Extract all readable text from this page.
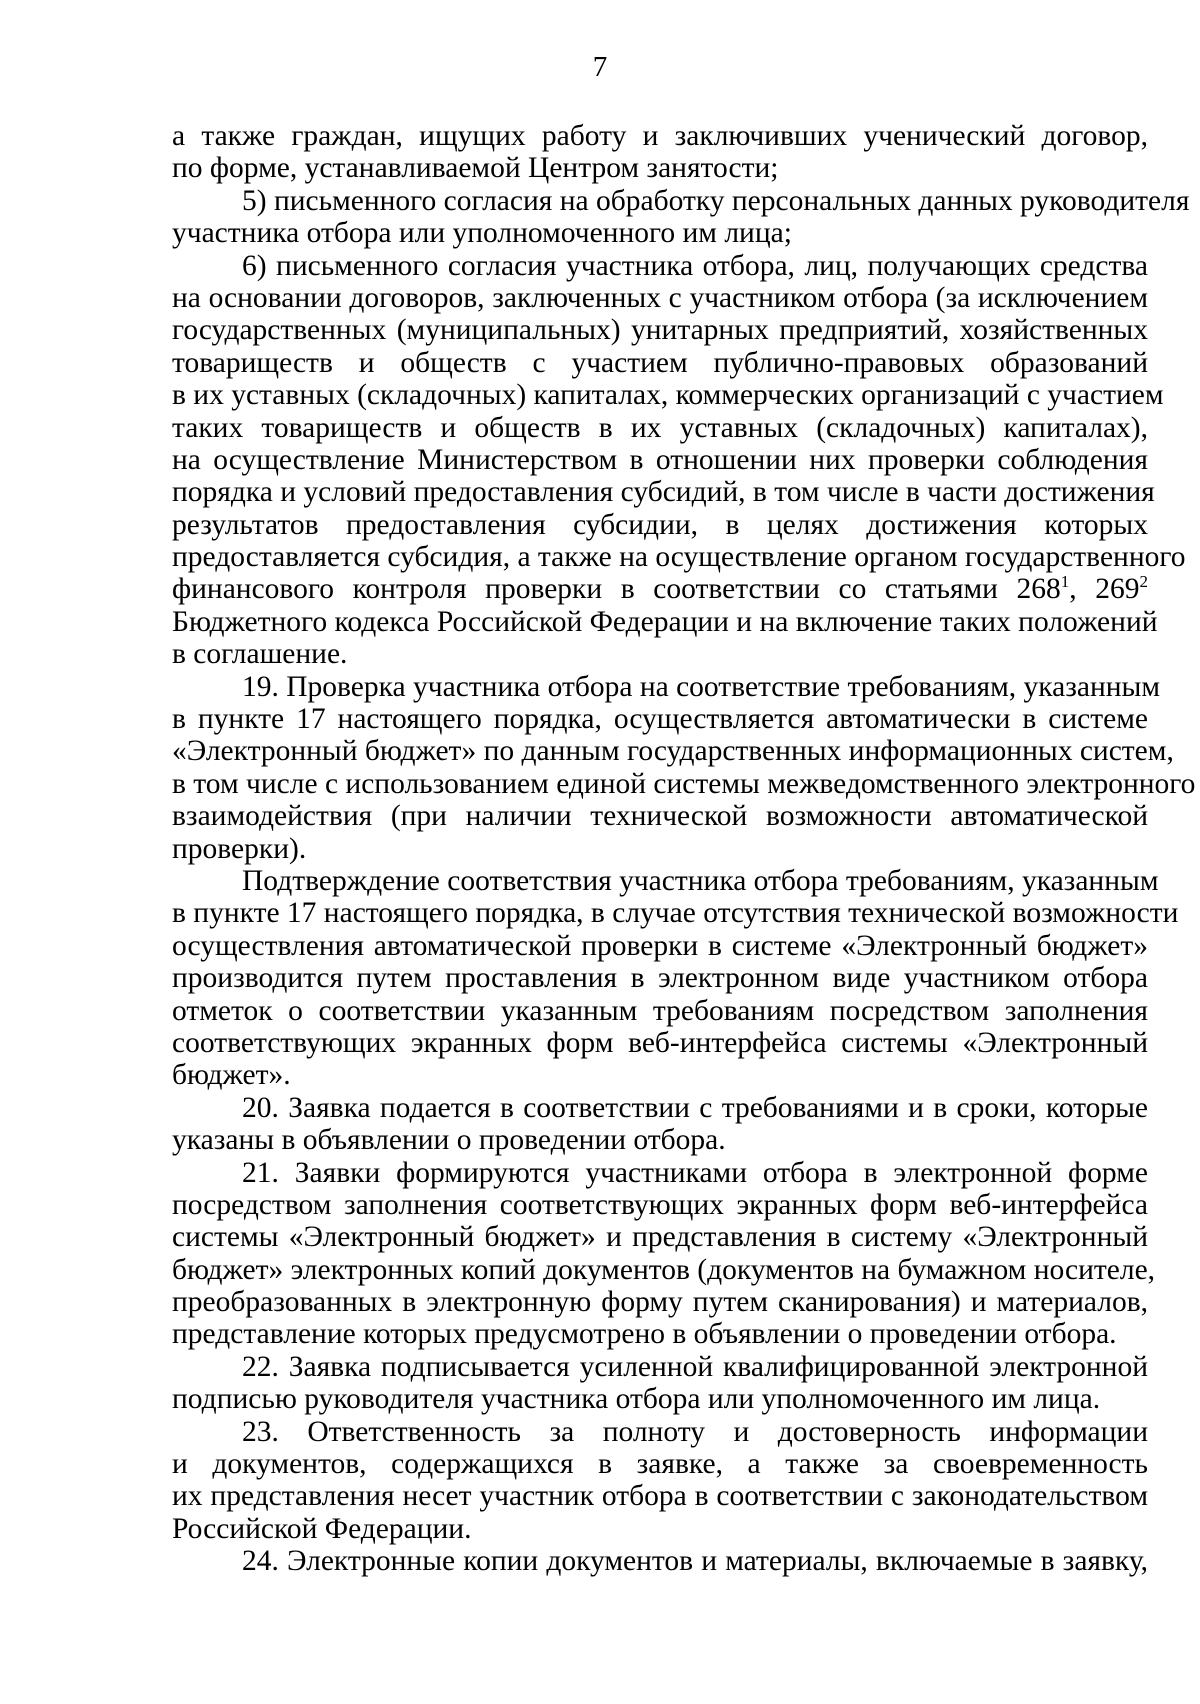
7
а также граждан, ищущих работу и заключивших ученический договор,
по форме, устанавливаемой Центром занятости;
5) письменного согласия на обработку персональных данных руководителя
участника отбора или уполномоченного им лица;
6) письменного согласия участника отбора, лиц, получающих средства
на основании договоров, заключенных с участником отбора (за исключением
государственных (муниципальных) унитарных предприятий, хозяйственных
товариществ и обществ с участием публично-правовых образований
в их уставных (складочных) капиталах, коммерческих организаций с участием
таких товариществ и обществ в их уставных (складочных) капиталах),
на осуществление Министерством в отношении них проверки соблюдения
порядка и условий предоставления субсидий, в том числе в части достижения
результатов предоставления субсидии, в целях достижения которых
предоставляется субсидия, а также на осуществление органом государственного
финансового контроля проверки в соответствии со статьями $268^1$, $269^2$
Бюджетного кодекса Российской Федерации и на включение таких положений
в соглашение.
19. Проверка участника отбора на соответствие требованиям, указанным
в пункте 17 настоящего порядка, осуществляется автоматически в системе
«Электронный бюджет» по данным государственных информационных систем,
в том числе с использованием единой системы межведомственного электронного
взаимодействия (при наличии технической возможности автоматической
проверки).
Подтверждение соответствия участника отбора требованиям, указанным
в пункте 17 настоящего порядка, в случае отсутствия технической возможности
осуществления автоматической проверки в системе «Электронный бюджет»
производится путем проставления в электронном виде участником отбора
отметок о соответствии указанным требованиям посредством заполнения
соответствующих экранных форм веб-интерфейса системы «Электронный
бюджет».
20. Заявка подается в соответствии с требованиями и в сроки, которые
указаны в объявлении о проведении отбора.
21. Заявки формируются участниками отбора в электронной форме
посредством заполнения соответствующих экранных форм веб-интерфейса
системы «Электронный бюджет» и представления в систему «Электронный
бюджет» электронных копий документов (документов на бумажном носителе,
преобразованных в электронную форму путем сканирования) и материалов,
представление которых предусмотрено в объявлении о проведении отбора.
22. Заявка подписывается усиленной квалифицированной электронной
подписью руководителя участника отбора или уполномоченного им лица.
23. Ответственность за полноту и достоверность информации
и документов, содержащихся в заявке, а также за своевременность
их представления несет участник отбора в соответствии с законодательством
Российской Федерации.
24. Электронные копии документов и материалы, включаемые в заявку,
